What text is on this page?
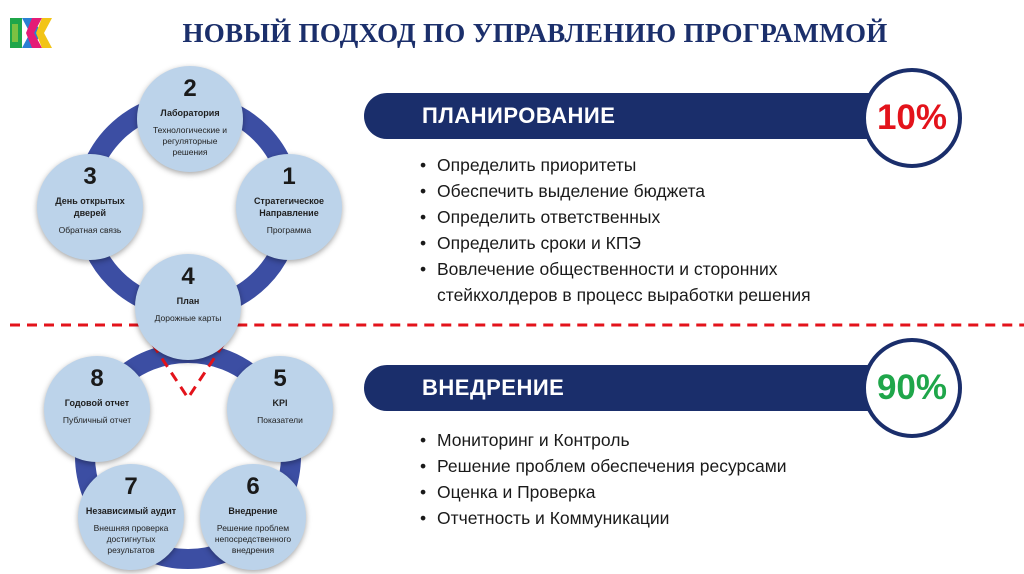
НОВЫЙ ПОДХОД ПО УПРАВЛЕНИЮ ПРОГРАММОЙ
2
Лаборатория
Технологические и регуляторные решения
3
День открытых дверей
Обратная связь
1
Стратегическое Направление
Программа
4
План
Дорожные карты
8
Годовой отчет
Публичный отчет
5
KPI
Показатели
7
Независимый аудит
Внешняя проверка достигнутых результатов
6
Внедрение
Решение проблем непосредственного внедрения
ПЛАНИРОВАНИЕ	10%
• Определить приоритеты
• Обеспечить выделение бюджета
• Определить ответственных
• Определить сроки и КПЭ
• Вовлечение общественности и сторонних стейкхолдеров в процесс выработки решения
ВНЕДРЕНИЕ	90%
• Мониторинг и Контроль
• Решение проблем обеспечения ресурсами
• Оценка и Проверка
• Отчетность и Коммуникации
